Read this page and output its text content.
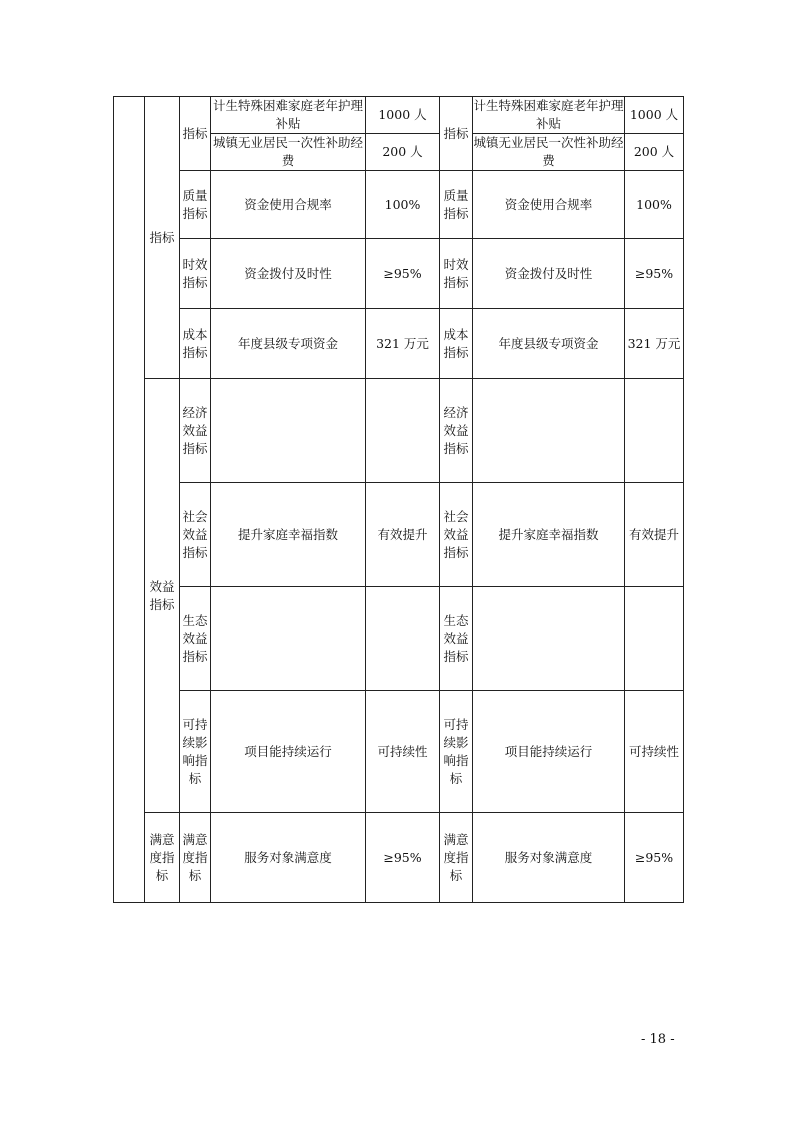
	指标	指标	计生特殊困难家庭老年护理补贴	1000 人	指标	计生特殊困难家庭老年护理补贴	1000 人
			城镇无业居民一次性补助经费	200 人		城镇无业居民一次性补助经费	200 人
		质量指标	资金使用合规率	100%	质量指标	资金使用合规率	100%
		时效指标	资金拨付及时性	≥95%	时效指标	资金拨付及时性	≥95%
		成本指标	年度县级专项资金	321 万元	成本指标	年度县级专项资金	321 万元
	效益指标	经济效益指标			经济效益指标		
		社会效益指标	提升家庭幸福指数	有效提升	社会效益指标	提升家庭幸福指数	有效提升
		生态效益指标			生态效益指标		
		可持续影响指标	项目能持续运行	可持续性	可持续影响指标	项目能持续运行	可持续性
	满意度指标	满意度指标	服务对象满意度	≥95%	满意度指标	服务对象满意度	≥95%
- 18 -
